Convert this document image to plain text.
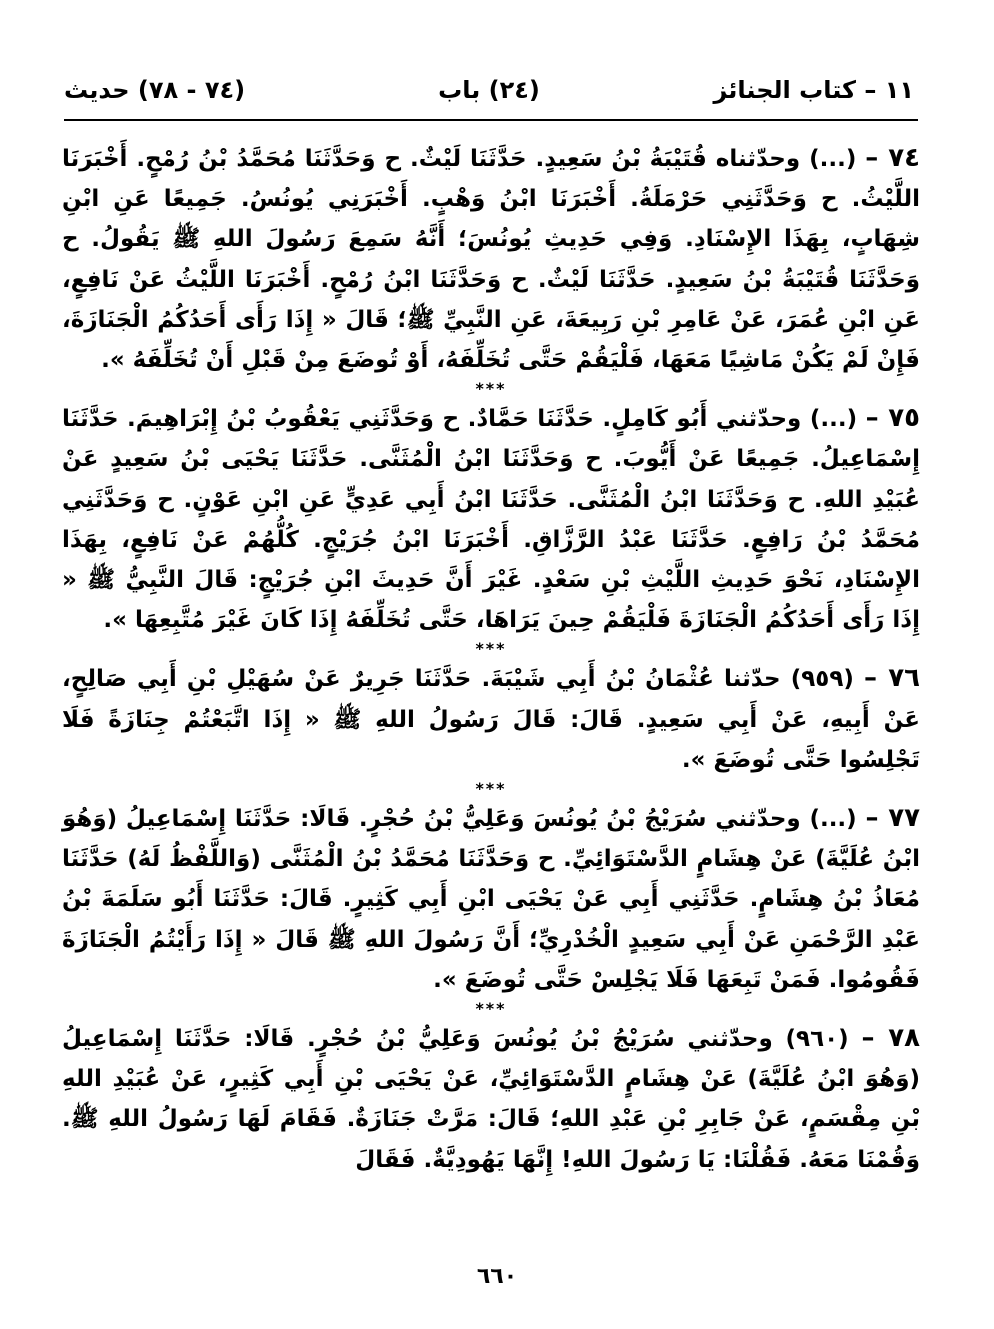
١١ – كتاب الجنائز
(٢٤) باب
(٧٤ - ٧٨) حديث

٧٤ – (...) وحدّثناه قُتَيْبَةُ بْنُ سَعِيدٍ. حَدَّثَنَا لَيْثٌ. ح وَحَدَّثَنَا مُحَمَّدُ بْنُ رُمْحٍ. أَخْبَرَنَا اللَّيْثُ. ح وَحَدَّثَنِي حَرْمَلَةُ. أَخْبَرَنَا ابْنُ وَهْبٍ. أَخْبَرَنِي يُونُسُ. جَمِيعًا عَنِ ابْنِ شِهَابٍ، بِهَذَا الإِسْنَادِ. وَفِي حَدِيثِ يُونُسَ؛ أَنَّهُ سَمِعَ رَسُولَ اللهِ ﷺ يَقُولُ. ح وَحَدَّثَنَا قُتَيْبَةُ بْنُ سَعِيدٍ. حَدَّثَنَا لَيْثٌ. ح وَحَدَّثَنَا ابْنُ رُمْحٍ. أَخْبَرَنَا اللَّيْثُ عَنْ نَافِعٍ، عَنِ ابْنِ عُمَرَ، عَنْ عَامِرِ بْنِ رَبِيعَةَ، عَنِ النَّبِيِّ ﷺ؛ قَالَ « إِذَا رَأَى أَحَدُكُمُ الْجَنَازَةَ، فَإِنْ لَمْ يَكُنْ مَاشِيًا مَعَهَا، فَلْيَقُمْ حَتَّى تُخَلِّفَهُ، أَوْ تُوضَعَ مِنْ قَبْلِ أَنْ تُخَلِّفَهُ ».

***

٧٥ – (...) وحدّثني أَبُو كَامِلٍ. حَدَّثَنَا حَمَّادٌ. ح وَحَدَّثَنِي يَعْقُوبُ بْنُ إِبْرَاهِيمَ. حَدَّثَنَا إِسْمَاعِيلُ. جَمِيعًا عَنْ أَيُّوبَ. ح وَحَدَّثَنَا ابْنُ الْمُثَنَّى. حَدَّثَنَا يَحْيَى بْنُ سَعِيدٍ عَنْ عُبَيْدِ اللهِ. ح وَحَدَّثَنَا ابْنُ الْمُثَنَّى. حَدَّثَنَا ابْنُ أَبِي عَدِيٍّ عَنِ ابْنِ عَوْنٍ. ح وَحَدَّثَنِي مُحَمَّدُ بْنُ رَافِعٍ. حَدَّثَنَا عَبْدُ الرَّزَّاقِ. أَخْبَرَنَا ابْنُ جُرَيْجٍ. كُلُّهُمْ عَنْ نَافِعٍ، بِهَذَا الإِسْنَادِ، نَحْوَ حَدِيثِ اللَّيْثِ بْنِ سَعْدٍ. غَيْرَ أَنَّ حَدِيثَ ابْنِ جُرَيْجٍ: قَالَ النَّبِيُّ ﷺ « إِذَا رَأَى أَحَدُكُمُ الْجَنَازَةَ فَلْيَقُمْ حِينَ يَرَاهَا، حَتَّى تُخَلِّفَهُ إِذَا كَانَ غَيْرَ مُتَّبِعِهَا ».

***

٧٦ – (٩٥٩) حدّثنا عُثْمَانُ بْنُ أَبِي شَيْبَةَ. حَدَّثَنَا جَرِيرٌ عَنْ سُهَيْلِ بْنِ أَبِي صَالِحٍ، عَنْ أَبِيهِ، عَنْ أَبِي سَعِيدٍ. قَالَ: قَالَ رَسُولُ اللهِ ﷺ « إِذَا اتَّبَعْتُمْ جِنَازَةً فَلَا تَجْلِسُوا حَتَّى تُوضَعَ ».

***

٧٧ – (...) وحدّثني سُرَيْجُ بْنُ يُونُسَ وَعَلِيُّ بْنُ حُجْرٍ. قَالَا: حَدَّثَنَا إِسْمَاعِيلُ (وَهُوَ ابْنُ عُلَيَّةَ) عَنْ هِشَامٍ الدَّسْتَوَائِيِّ. ح وَحَدَّثَنَا مُحَمَّدُ بْنُ الْمُثَنَّى (وَاللَّفْظُ لَهُ) حَدَّثَنَا مُعَاذُ بْنُ هِشَامٍ. حَدَّثَنِي أَبِي عَنْ يَحْيَى ابْنِ أَبِي كَثِيرٍ. قَالَ: حَدَّثَنَا أَبُو سَلَمَةَ بْنُ عَبْدِ الرَّحْمَنِ عَنْ أَبِي سَعِيدٍ الْخُدْرِيِّ؛ أَنَّ رَسُولَ اللهِ ﷺ قَالَ « إِذَا رَأَيْتُمُ الْجَنَازَةَ فَقُومُوا. فَمَنْ تَبِعَهَا فَلَا يَجْلِسْ حَتَّى تُوضَعَ ».

***

٧٨ – (٩٦٠) وحدّثني سُرَيْجُ بْنُ يُونُسَ وَعَلِيُّ بْنُ حُجْرٍ. قَالَا: حَدَّثَنَا إِسْمَاعِيلُ (وَهُوَ ابْنُ عُلَيَّةَ) عَنْ هِشَامٍ الدَّسْتَوَائِيِّ، عَنْ يَحْيَى بْنِ أَبِي كَثِيرٍ، عَنْ عُبَيْدِ اللهِ بْنِ مِقْسَمٍ، عَنْ جَابِرِ بْنِ عَبْدِ اللهِ؛ قَالَ: مَرَّتْ جَنَازَةٌ. فَقَامَ لَهَا رَسُولُ اللهِ ﷺ. وَقُمْنَا مَعَهُ. فَقُلْنَا: يَا رَسُولَ اللهِ! إِنَّهَا يَهُودِيَّةٌ. فَقَالَ

٦٦٠
